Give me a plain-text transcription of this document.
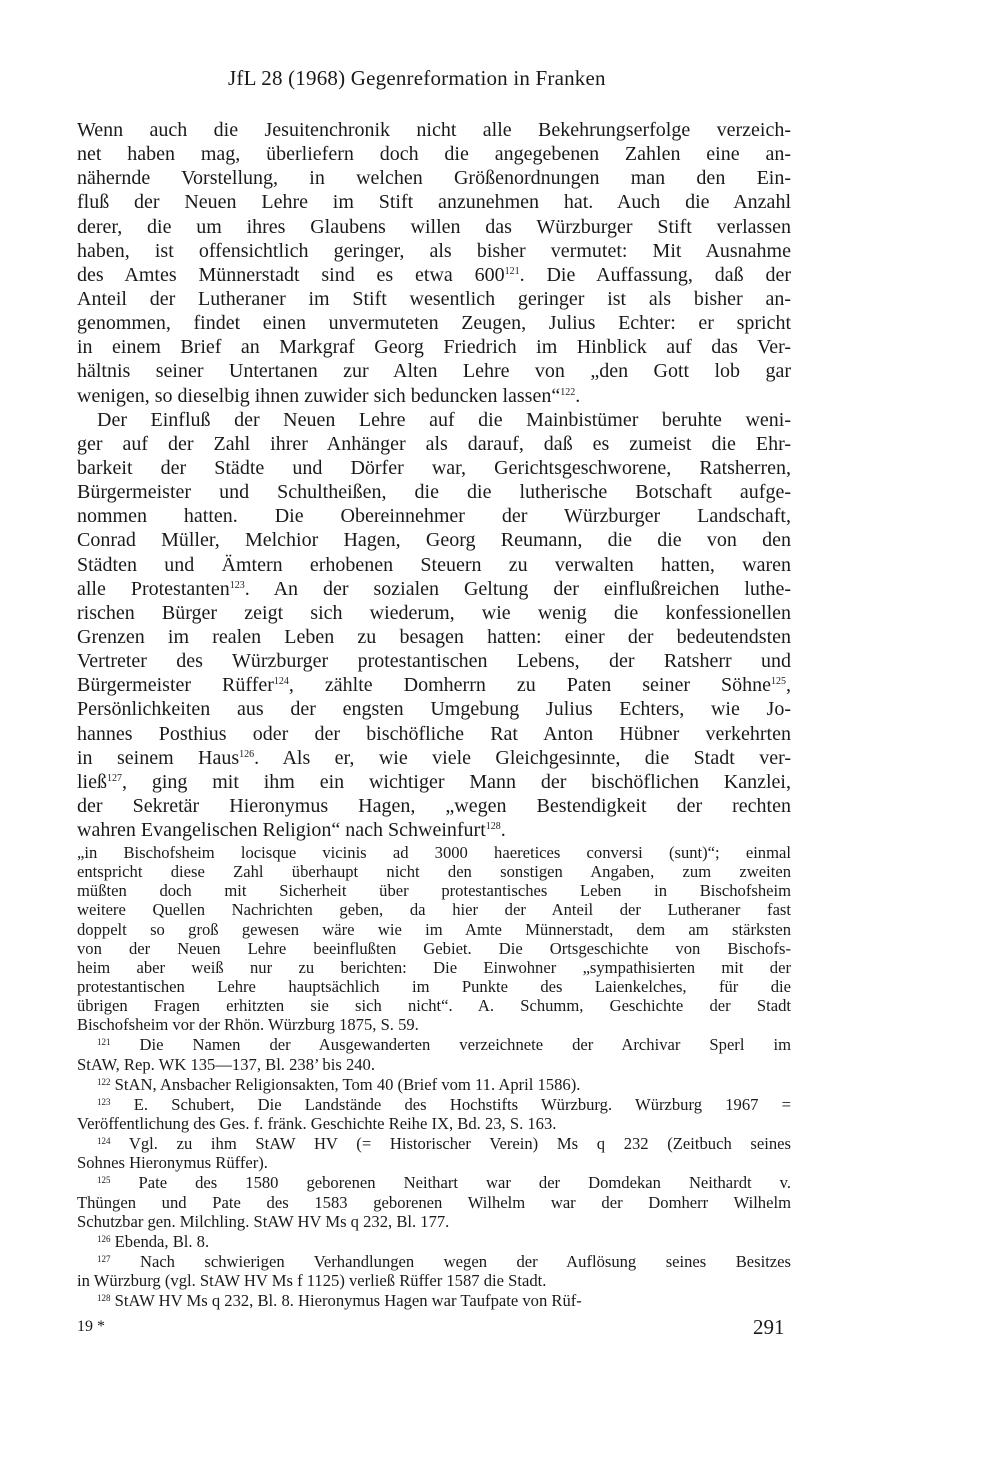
JfL 28 (1968) Gegenreformation in Franken
Wenn auch die Jesuitenchronik nicht alle Bekehrungserfolge verzeich-
net haben mag, überliefern doch die angegebenen Zahlen eine an-
nähernde Vorstellung, in welchen Größenordnungen man den Ein-
fluß der Neuen Lehre im Stift anzunehmen hat. Auch die Anzahl
derer, die um ihres Glaubens willen das Würzburger Stift verlassen
haben, ist offensichtlich geringer, als bisher vermutet: Mit Ausnahme
des Amtes Münnerstadt sind es etwa 600$^{121}$. Die Auffassung, daß der
Anteil der Lutheraner im Stift wesentlich geringer ist als bisher an-
genommen, findet einen unvermuteten Zeugen, Julius Echter: er spricht
in einem Brief an Markgraf Georg Friedrich im Hinblick auf das Ver-
hältnis seiner Untertanen zur Alten Lehre von „den Gott lob gar
wenigen, so dieselbig ihnen zuwider sich beduncken lassen“$^{122}$.
Der Einfluß der Neuen Lehre auf die Mainbistümer beruhte weni-
ger auf der Zahl ihrer Anhänger als darauf, daß es zumeist die Ehr-
barkeit der Städte und Dörfer war, Gerichtsgeschworene, Ratsherren,
Bürgermeister und Schultheißen, die die lutherische Botschaft aufge-
nommen hatten. Die Obereinnehmer der Würzburger Landschaft,
Conrad Müller, Melchior Hagen, Georg Reumann, die die von den
Städten und Ämtern erhobenen Steuern zu verwalten hatten, waren
alle Protestanten$^{123}$. An der sozialen Geltung der einflußreichen luthe-
rischen Bürger zeigt sich wiederum, wie wenig die konfessionellen
Grenzen im realen Leben zu besagen hatten: einer der bedeutendsten
Vertreter des Würzburger protestantischen Lebens, der Ratsherr und
Bürgermeister Rüffer$^{124}$, zählte Domherrn zu Paten seiner Söhne$^{125}$,
Persönlichkeiten aus der engsten Umgebung Julius Echters, wie Jo-
hannes Posthius oder der bischöfliche Rat Anton Hübner verkehrten
in seinem Haus$^{126}$. Als er, wie viele Gleichgesinnte, die Stadt ver-
ließ$^{127}$, ging mit ihm ein wichtiger Mann der bischöflichen Kanzlei,
der Sekretär Hieronymus Hagen, „wegen Bestendigkeit der rechten
wahren Evangelischen Religion“ nach Schweinfurt$^{128}$.
„in Bischofsheim locisque vicinis ad 3000 haeretices conversi (sunt)“; einmal
entspricht diese Zahl überhaupt nicht den sonstigen Angaben, zum zweiten
müßten doch mit Sicherheit über protestantisches Leben in Bischofsheim
weitere Quellen Nachrichten geben, da hier der Anteil der Lutheraner fast
doppelt so groß gewesen wäre wie im Amte Münnerstadt, dem am stärksten
von der Neuen Lehre beeinflußten Gebiet. Die Ortsgeschichte von Bischofs-
heim aber weiß nur zu berichten: Die Einwohner „sympathisierten mit der
protestantischen Lehre hauptsächlich im Punkte des Laienkelches, für die
übrigen Fragen erhitzten sie sich nicht“. A. Schumm, Geschichte der Stadt
Bischofsheim vor der Rhön. Würzburg 1875, S. 59.
$^{121}$ Die Namen der Ausgewanderten verzeichnete der Archivar Sperl im
StAW, Rep. WK 135—137, Bl. 238’ bis 240.
$^{122}$ StAN, Ansbacher Religionsakten, Tom 40 (Brief vom 11. April 1586).
$^{123}$ E. Schubert, Die Landstände des Hochstifts Würzburg. Würzburg 1967 =
Veröffentlichung des Ges. f. fränk. Geschichte Reihe IX, Bd. 23, S. 163.
$^{124}$ Vgl. zu ihm StAW HV (= Historischer Verein) Ms q 232 (Zeitbuch seines
Sohnes Hieronymus Rüffer).
$^{125}$ Pate des 1580 geborenen Neithart war der Domdekan Neithardt v.
Thüngen und Pate des 1583 geborenen Wilhelm war der Domherr Wilhelm
Schutzbar gen. Milchling. StAW HV Ms q 232, Bl. 177.
$^{126}$ Ebenda, Bl. 8.
$^{127}$ Nach schwierigen Verhandlungen wegen der Auflösung seines Besitzes
in Würzburg (vgl. StAW HV Ms f 1125) verließ Rüffer 1587 die Stadt.
$^{128}$ StAW HV Ms q 232, Bl. 8. Hieronymus Hagen war Taufpate von Rüf-
19 *	291
